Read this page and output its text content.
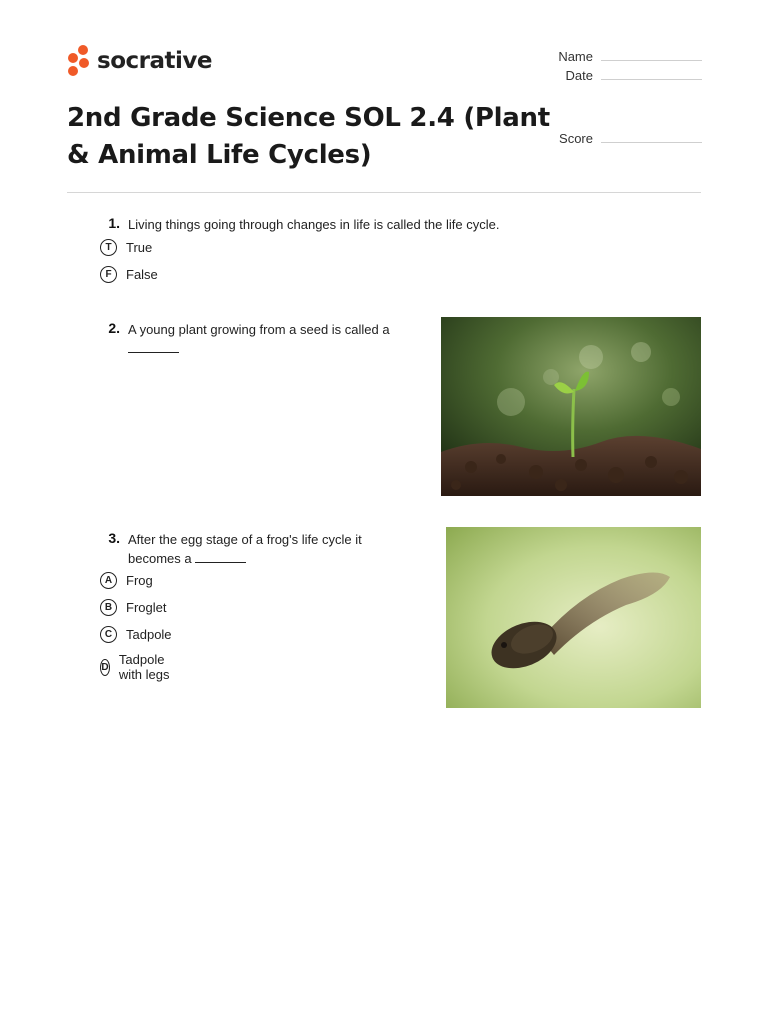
socrative
2nd Grade Science SOL 2.4 (Plant & Animal Life Cycles)
Name
Date
Score
1. Living things going through changes in life is called the life cycle.
T	True
F	False
2. A young plant growing from a seed is called a

3. After the egg stage of a frog's life cycle it
becomes a
A	Frog
B	Froglet
C	Tadpole
D Tadpole with legs
